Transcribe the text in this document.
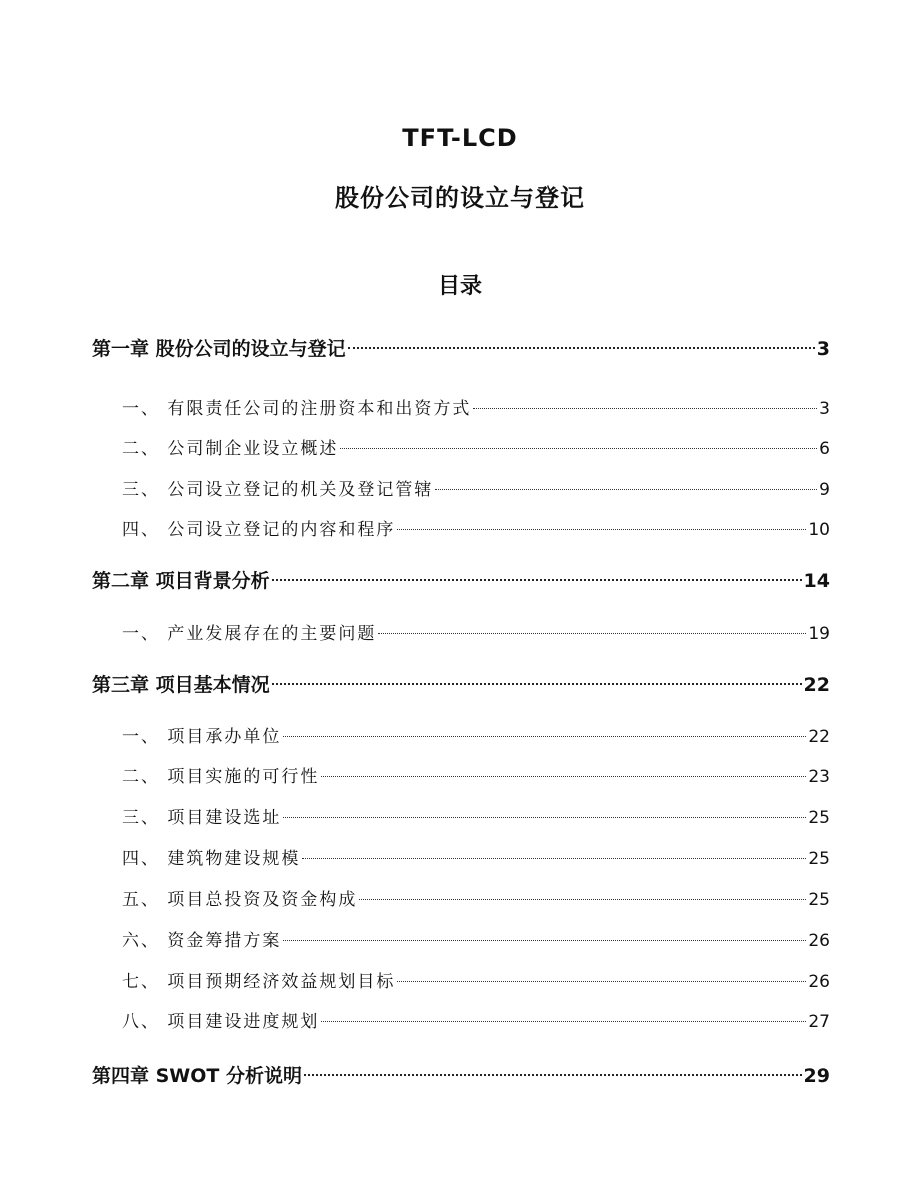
TFT-LCD
股份公司的设立与登记
目录
第一章 股份公司的设立与登记	3
一、 有限责任公司的注册资本和出资方式	3
二、 公司制企业设立概述	6
三、 公司设立登记的机关及登记管辖	9
四、 公司设立登记的内容和程序	10
第二章 项目背景分析	14
一、 产业发展存在的主要问题	19
第三章 项目基本情况	22
一、 项目承办单位	22
二、 项目实施的可行性	23
三、 项目建设选址	25
四、 建筑物建设规模	25
五、 项目总投资及资金构成	25
六、 资金筹措方案	26
七、 项目预期经济效益规划目标	26
八、 项目建设进度规划	27
第四章 SWOT 分析说明	29
